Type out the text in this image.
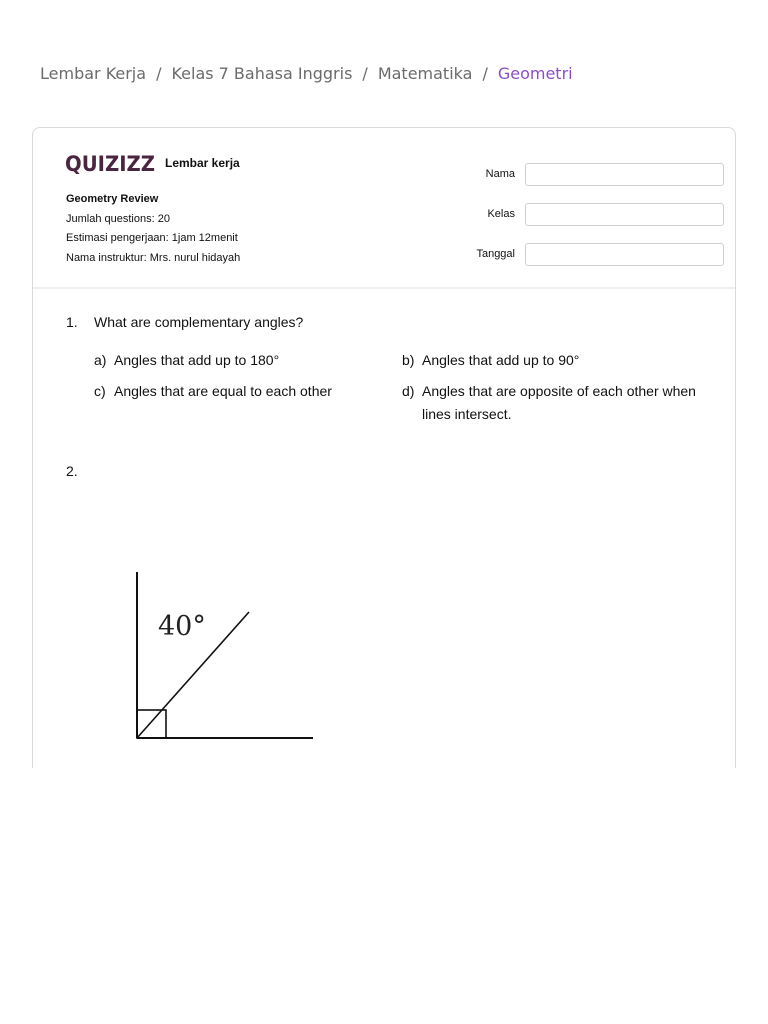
Lembar Kerja / Kelas 7 Bahasa Inggris / Matematika / Geometri
QUIZIZZ Lembar kerja
Geometry Review
Jumlah questions: 20
Estimasi pengerjaan: 1jam 12menit
Nama instruktur: Mrs. nurul hidayah
Nama
Kelas
Tanggal
1. What are complementary angles?
a) Angles that add up to 180°	b) Angles that add up to 90°
c) Angles that are equal to each other	d) Angles that are opposite of each other when lines intersect.
2.
40°
